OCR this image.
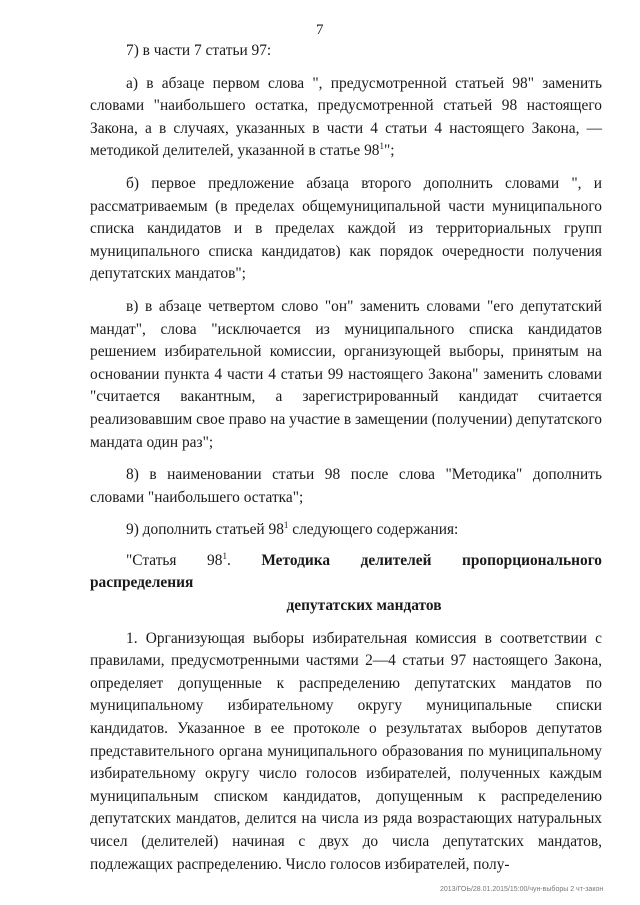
7

7) в части 7 статьи 97:

а) в абзаце первом слова ", предусмотренной статьей 98" заменить словами "наибольшего остатка, предусмотренной статьей 98 настоящего Закона, а в случаях, указанных в части 4 статьи 4 настоящего Закона, — методикой делителей, указанной в статье $98^1$";

б) первое предложение абзаца второго дополнить словами ", и рассматриваемым (в пределах общемуниципальной части муниципального списка кандидатов и в пределах каждой из территориальных групп муниципального списка кандидатов) как порядок очередности получения депутатских мандатов";

в) в абзаце четвертом слово "он" заменить словами "его депутатский мандат", слова "исключается из муниципального списка кандидатов решением избирательной комиссии, организующей выборы, принятым на основании пункта 4 части 4 статьи 99 настоящего Закона" заменить словами "считается вакантным, а зарегистрированный кандидат считается реализовавшим свое право на участие в замещении (получении) депутатского мандата один раз";

8) в наименовании статьи 98 после слова "Методика" дополнить словами "наибольшего остатка";

9) дополнить статьей $98^1$ следующего содержания:

"Статья $98^1$. Методика делителей пропорционального распределения

депутатских мандатов

1. Организующая выборы избирательная комиссия в соответствии с правилами, предусмотренными частями 2—4 статьи 97 настоящего Закона, определяет допущенные к распределению депутатских мандатов по муниципальному избирательному округу муниципальные списки кандидатов. Указанное в ее протоколе о результатах выборов депутатов представительного органа муниципального образования по муниципальному избирательному округу число голосов избирателей, полученных каждым муниципальным списком кандидатов, допущенным к распределению депутатских мандатов, делится на числа из ряда возрастающих натуральных чисел (делителей) начиная с двух до числа депутатских мандатов, подлежащих распределению. Число голосов избирателей, полу-

2013/ГОЬ/28.01.2015/15:00/чун-выборы 2 чт-закон
